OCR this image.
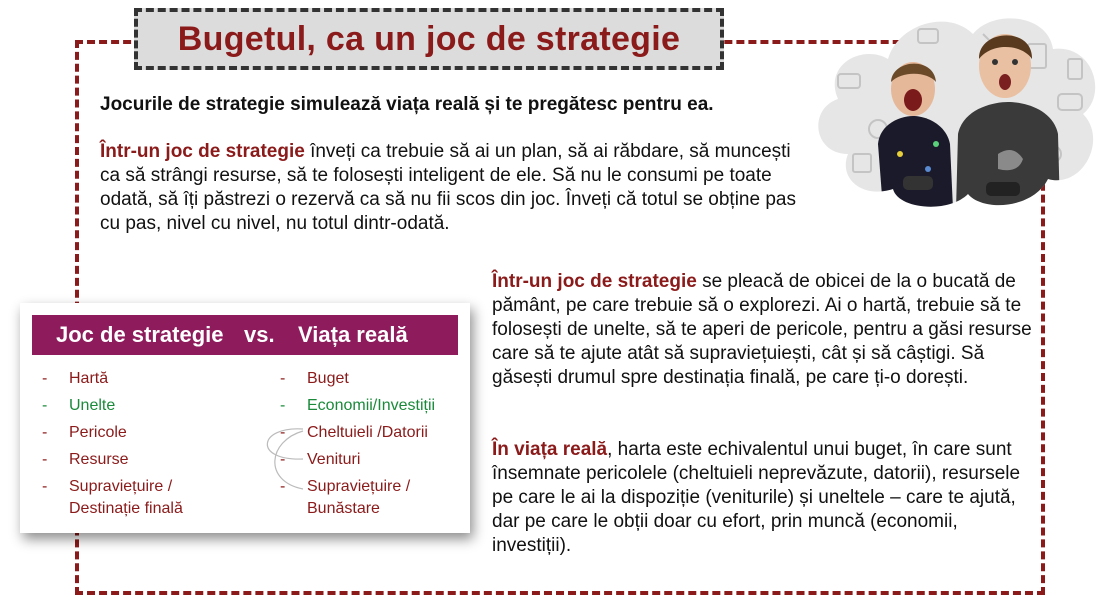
Bugetul, ca un joc de strategie

Jocurile de strategie simulează viața reală și te pregătesc pentru ea.

Într-un joc de strategie înveți ca trebuie să ai un plan, să ai răbdare, să muncești ca să strângi resurse, să te folosești inteligent de ele. Să nu le consumi pe toate odată, să îți păstrezi o rezervă ca să nu fii scos din joc. Înveți că totul se obține pas cu pas, nivel cu nivel, nu totul dintr-odată.

Într-un joc de strategie se pleacă de obicei de la o bucată de pământ, pe care trebuie să o explorezi. Ai o hartă, trebuie să te folosești de unelte, să te aperi de pericole, pentru a găsi resurse care să te ajute atât să supraviețuiești, cât și să câștigi. Să găsești drumul spre destinația finală, pe care ți-o dorești.

În viața reală, harta este echivalentul unui buget, în care sunt însemnate pericolele (cheltuieli neprevăzute, datorii), resursele pe care le ai la dispoziție (veniturile) și uneltele – care te ajută, dar pe care le obții doar cu efort, prin muncă (economii, investiții).

Joc de strategie vs. Viața reală
- Hartă
- Unelte
- Pericole
- Resurse
- Supraviețuire / Destinație finală
- Buget
- Economii/Investiții
- Cheltuieli /Datorii
- Venituri
- Supraviețuire / Bunăstare
